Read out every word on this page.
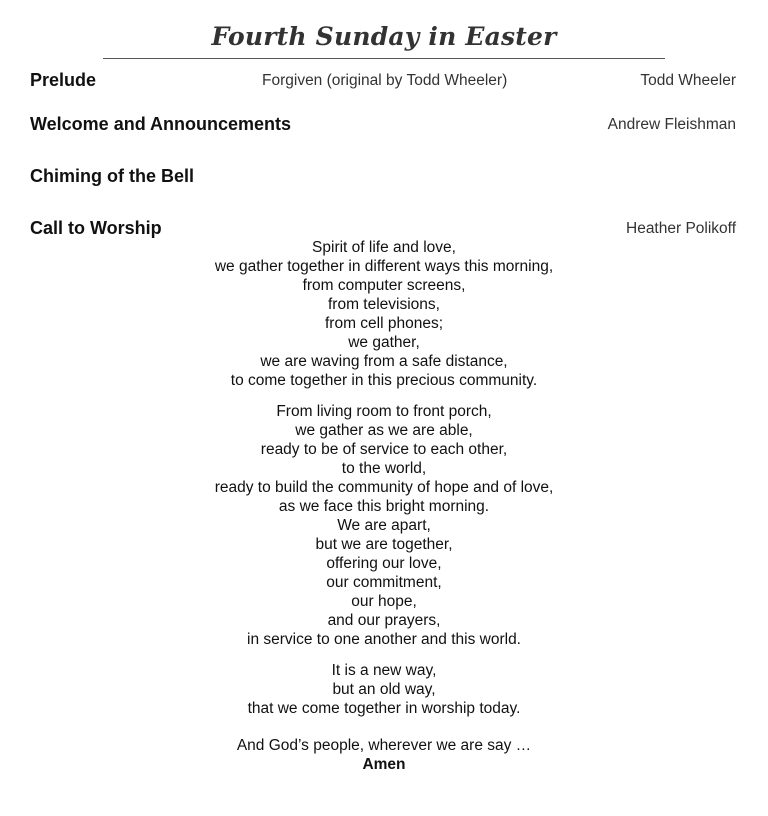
Fourth Sunday in Easter
Prelude	Forgiven (original by Todd Wheeler)	Todd Wheeler
Welcome and Announcements	Andrew Fleishman
Chiming of the Bell
Call to Worship	Heather Polikoff
Spirit of life and love,
we gather together in different ways this morning,
from computer screens,
from televisions,
from cell phones;
we gather,
we are waving from a safe distance,
to come together in this precious community.
From living room to front porch,
we gather as we are able,
ready to be of service to each other,
to the world,
ready to build the community of hope and of love,
as we face this bright morning.
We are apart,
but we are together,
offering our love,
our commitment,
our hope,
and our prayers,
in service to one another and this world.
It is a new way,
but an old way,
that we come together in worship today.
And God’s people, wherever we are say …
Amen
